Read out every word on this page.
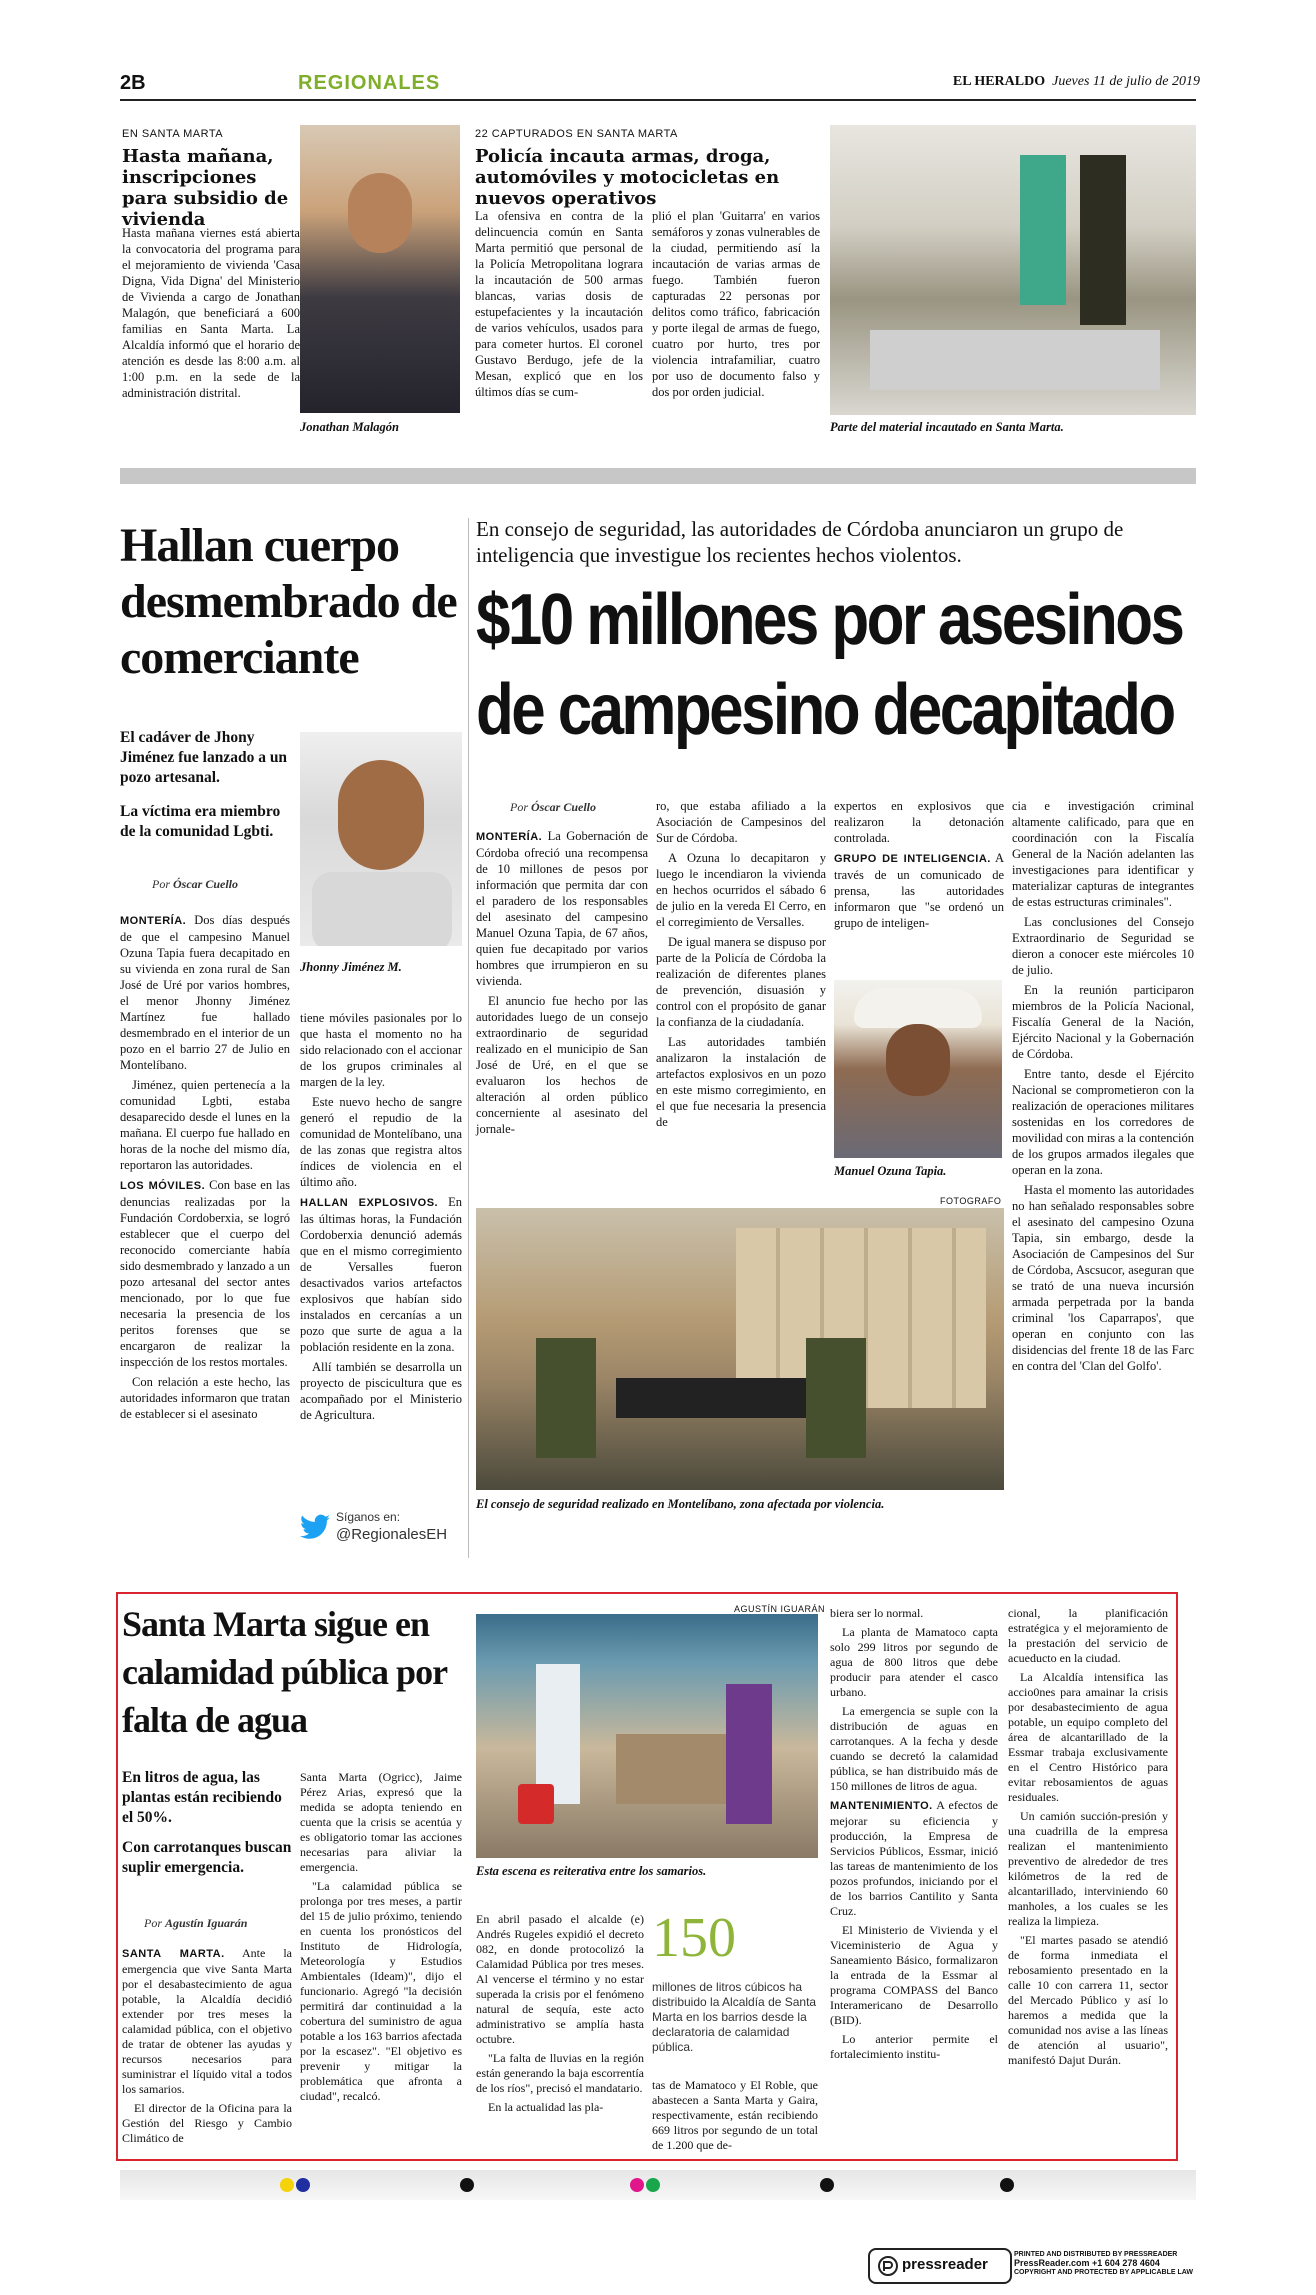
2B	REGIONALES	EL HERALDO Jueves 11 de julio de 2019
EN SANTA MARTA
Hasta mañana, inscripciones para subsidio de vivienda

Hasta mañana viernes está abierta la convocatoria del programa para el mejoramiento de vivienda 'Casa Digna, Vida Digna' del Ministerio de Vivienda a cargo de Jonathan Malagón, que beneficiará a 600 familias en Santa Marta. La Alcaldía informó que el horario de atención es desde las 8:00 a.m. al 1:00 p.m. en la sede de la administración distrital.

Jonathan Malagón
22 CAPTURADOS EN SANTA MARTA
Policía incauta armas, droga, automóviles y motocicletas en nuevos operativos

La ofensiva en contra de la delincuencia común en Santa Marta permitió que personal de la Policía Metropolitana lograra la incautación de 500 armas blancas, varias dosis de estupefacientes y la incautación de varios vehículos, usados para para cometer hurtos. El coronel Gustavo Berdugo, jefe de la Mesan, explicó que en los últimos días se cum-

plió el plan 'Guitarra' en varios semáforos y zonas vulnerables de la ciudad, permitiendo así la incautación de varias armas de fuego. También fueron capturadas 22 personas por delitos como tráfico, fabricación y porte ilegal de armas de fuego, cuatro por hurto, tres por violencia intrafamiliar, cuatro por uso de documento falso y dos por orden judicial.

Parte del material incautado en Santa Marta.
Hallan cuerpo desmembrado de comerciante
El cadáver de Jhony Jiménez fue lanzado a un pozo artesanal.
La víctima era miembro de la comunidad Lgbti.
Por Óscar Cuello
Jhonny Jiménez M.

MONTERÍA. Dos días después de que el campesino Manuel Ozuna Tapia fuera decapitado en su vivienda en zona rural de San José de Uré por varios hombres, el menor Jhonny Jiménez Martínez fue hallado desmembrado en el interior de un pozo en el barrio 27 de Julio en Montelíbano.

Jiménez, quien pertenecía a la comunidad Lgbti, estaba desaparecido desde el lunes en la mañana. El cuerpo fue hallado en horas de la noche del mismo día, reportaron las autoridades.

LOS MÓVILES. Con base en las denuncias realizadas por la Fundación Cordoberxia, se logró establecer que el cuerpo del reconocido comerciante había sido desmembrado y lanzado a un pozo artesanal del sector antes mencionado, por lo que fue necesaria la presencia de los peritos forenses que se encargaron de realizar la inspección de los restos mortales.

Con relación a este hecho, las autoridades informaron que tratan de establecer si el asesinato

tiene móviles pasionales por lo que hasta el momento no ha sido relacionado con el accionar de los grupos criminales al margen de la ley.

Este nuevo hecho de sangre generó el repudio de la comunidad de Montelíbano, una de las zonas que registra altos índices de violencia en el último año.

HALLAN EXPLOSIVOS. En las últimas horas, la Fundación Cordoberxia denunció además que en el mismo corregimiento de Versalles fueron desactivados varios artefactos explosivos que habían sido instalados en cercanías a un pozo que surte de agua a la población residente en la zona.

Allí también se desarrolla un proyecto de piscicultura que es acompañado por el Ministerio de Agricultura.

Síganos en:
@RegionalesEH
En consejo de seguridad, las autoridades de Córdoba anunciaron un grupo de inteligencia que investigue los recientes hechos violentos.
$10 millones por asesinos
de campesino decapitado
Por Óscar Cuello

MONTERÍA. La Gobernación de Córdoba ofreció una recompensa de 10 millones de pesos por información que permita dar con el paradero de los responsables del asesinato del campesino Manuel Ozuna Tapia, de 67 años, quien fue decapitado por varios hombres que irrumpieron en su vivienda.

El anuncio fue hecho por las autoridades luego de un consejo extraordinario de seguridad realizado en el municipio de San José de Uré, en el que se evaluaron los hechos de alteración al orden público concerniente al asesinato del jornale-

ro, que estaba afiliado a la Asociación de Campesinos del Sur de Córdoba.

A Ozuna lo decapitaron y luego le incendiaron la vivienda en hechos ocurridos el sábado 6 de julio en la vereda El Cerro, en el corregimiento de Versalles.

De igual manera se dispuso por parte de la Policía de Córdoba la realización de diferentes planes de prevención, disuasión y control con el propósito de ganar la confianza de la ciudadanía.

Las autoridades también analizaron la instalación de artefactos explosivos en un pozo en este mismo corregimiento, en el que fue necesaria la presencia de

expertos en explosivos que realizaron la detonación controlada.

GRUPO DE INTELIGENCIA. A través de un comunicado de prensa, las autoridades informaron que "se ordenó un grupo de inteligen-

Manuel Ozuna Tapia.

cia e investigación criminal altamente calificado, para que en coordinación con la Fiscalía General de la Nación adelanten las investigaciones para identificar y materializar capturas de integrantes de estas estructuras criminales".

Las conclusiones del Consejo Extraordinario de Seguridad se dieron a conocer este miércoles 10 de julio.

En la reunión participaron miembros de la Policía Nacional, Fiscalía General de la Nación, Ejército Nacional y la Gobernación de Córdoba.

Entre tanto, desde el Ejército Nacional se comprometieron con la realización de operaciones militares sostenidas en los corredores de movilidad con miras a la contención de los grupos armados ilegales que operan en la zona.

Hasta el momento las autoridades no han señalado responsables sobre el asesinato del campesino Ozuna Tapia, sin embargo, desde la Asociación de Campesinos del Sur de Córdoba, Ascsucor, aseguran que se trató de una nueva incursión armada perpetrada por la banda criminal 'los Caparrapos', que operan en conjunto con las disidencias del frente 18 de las Farc en contra del 'Clan del Golfo'.

FOTOGRAFO
El consejo de seguridad realizado en Montelíbano, zona afectada por violencia.
Santa Marta sigue en calamidad pública por falta de agua
En litros de agua, las plantas están recibiendo el 50%.
Con carrotanques buscan suplir emergencia.
Por Agustín Iguarán

SANTA MARTA. Ante la emergencia que vive Santa Marta por el desabastecimiento de agua potable, la Alcaldía decidió extender por tres meses la calamidad pública, con el objetivo de tratar de obtener las ayudas y recursos necesarios para suministrar el líquido vital a todos los samarios.

El director de la Oficina para la Gestión del Riesgo y Cambio Climático de

Santa Marta (Ogricc), Jaime Pérez Arias, expresó que la medida se adopta teniendo en cuenta que la crisis se acentúa y es obligatorio tomar las acciones necesarias para aliviar la emergencia.

"La calamidad pública se prolonga por tres meses, a partir del 15 de julio próximo, teniendo en cuenta los pronósticos del Instituto de Hidrología, Meteorología y Estudios Ambientales (Ideam)", dijo el funcionario. Agregó "la decisión permitirá dar continuidad a la cobertura del suministro de agua potable a los 163 barrios afectada por la escasez". "El objetivo es prevenir y mitigar la problemática que afronta a ciudad", recalcó.

AGUSTÍN IGUARÁN
Esta escena es reiterativa entre los samarios.

En abril pasado el alcalde (e) Andrés Rugeles expidió el decreto 082, en donde protocolizó la Calamidad Pública por tres meses. Al vencerse el término y no estar superada la crisis por el fenómeno natural de sequía, este acto administrativo se amplía hasta octubre.

"La falta de lluvias en la región están generando la baja escorrentía de los ríos", precisó el mandatario.

En la actualidad las pla-

150
millones de litros cúbicos ha distribuido la Alcaldía de Santa Marta en los barrios desde la declaratoria de calamidad pública.

tas de Mamatoco y El Roble, que abastecen a Santa Marta y Gaira, respectivamente, están recibiendo 669 litros por segundo de un total de 1.200 que de-

biera ser lo normal.

La planta de Mamatoco capta solo 299 litros por segundo de agua de 800 litros que debe producir para atender el casco urbano.

La emergencia se suple con la distribución de aguas en carrotanques. A la fecha y desde cuando se decretó la calamidad pública, se han distribuido más de 150 millones de litros de agua.

MANTENIMIENTO. A efectos de mejorar su eficiencia y producción, la Empresa de Servicios Públicos, Essmar, inició las tareas de mantenimiento de los pozos profundos, iniciando por el de los barrios Cantilito y Santa Cruz.

El Ministerio de Vivienda y el Viceministerio de Agua y Saneamiento Básico, formalizaron la entrada de la Essmar al programa COMPASS del Banco Interamericano de Desarrollo (BID).

Lo anterior permite el fortalecimiento institu-

cional, la planificación estratégica y el mejoramiento de la prestación del servicio de acueducto en la ciudad.

La Alcaldía intensifica las accio0nes para amainar la crisis por desabastecimiento de agua potable, un equipo completo del área de alcantarillado de la Essmar trabaja exclusivamente en el Centro Histórico para evitar rebosamientos de aguas residuales.

Un camión succión-presión y una cuadrilla de la empresa realizan el mantenimiento preventivo de alrededor de tres kilómetros de la red de alcantarillado, interviniendo 60 manholes, a los cuales se les realiza la limpieza.

"El martes pasado se atendió de forma inmediata el rebosamiento presentado en la calle 10 con carrera 11, sector del Mercado Público y así lo haremos a medida que la comunidad nos avise a las líneas de atención al usuario", manifestó Dajut Durán.

pressreader
PRINTED AND DISTRIBUTED BY PRESSREADER
PressReader.com +1 604 278 4604
COPYRIGHT AND PROTECTED BY APPLICABLE LAW
